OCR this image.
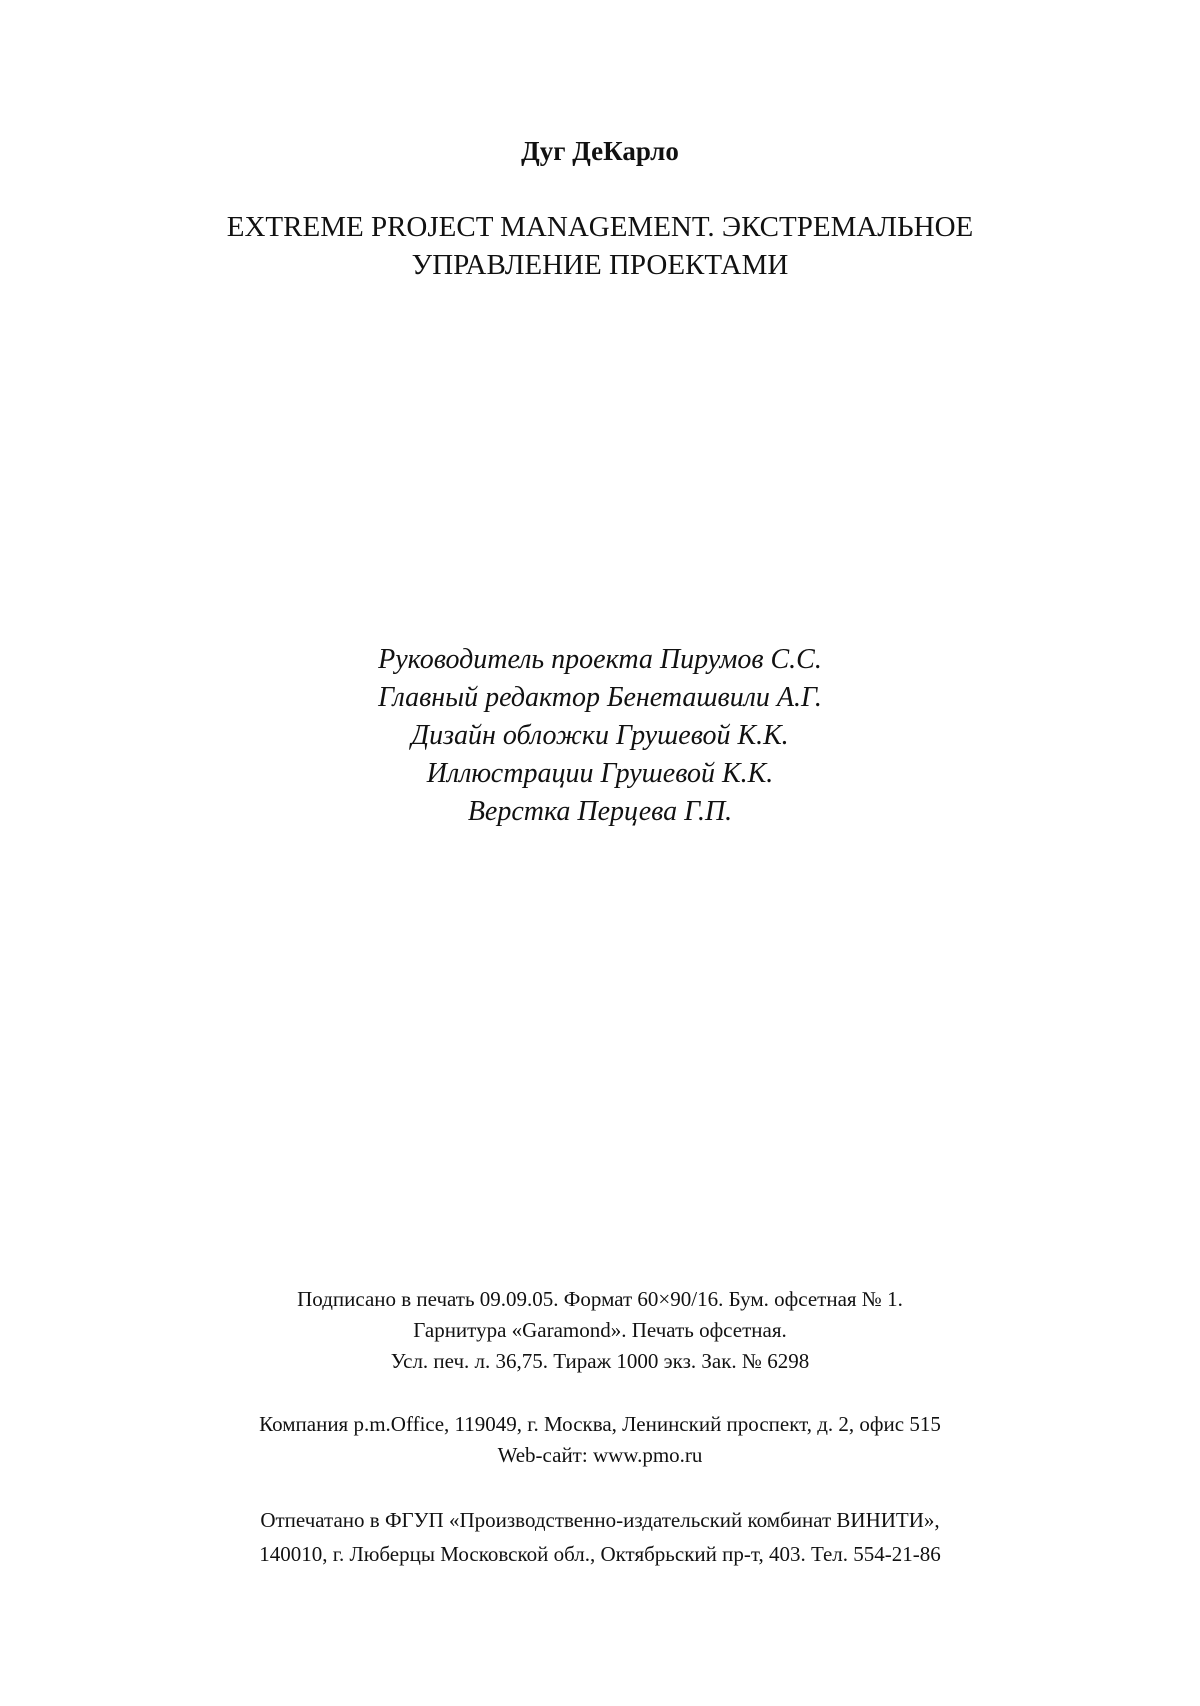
Дуг ДеКарло
EXTREME PROJECT MANAGEMENT. ЭКСТРЕМАЛЬНОЕ
УПРАВЛЕНИЕ ПРОЕКТАМИ
Руководитель проекта Пирумов С.С.
Главный редактор Бенеташвили А.Г.
Дизайн обложки Грушевой К.К.
Иллюстрации Грушевой К.К.
Верстка Перцева Г.П.
Подписано в печать 09.09.05. Формат 60×90/16. Бум. офсетная № 1.
Гарнитура «Garamond». Печать офсетная.
Усл. печ. л. 36,75. Тираж 1000 экз. Зак. № 6298
Компания p.m.Office, 119049, г. Москва, Ленинский проспект, д. 2, офис 515
Web-сайт: www.pmo.ru
Отпечатано в ФГУП «Производственно-издательский комбинат ВИНИТИ»,
140010, г. Люберцы Московской обл., Октябрьский пр-т, 403. Тел. 554-21-86
